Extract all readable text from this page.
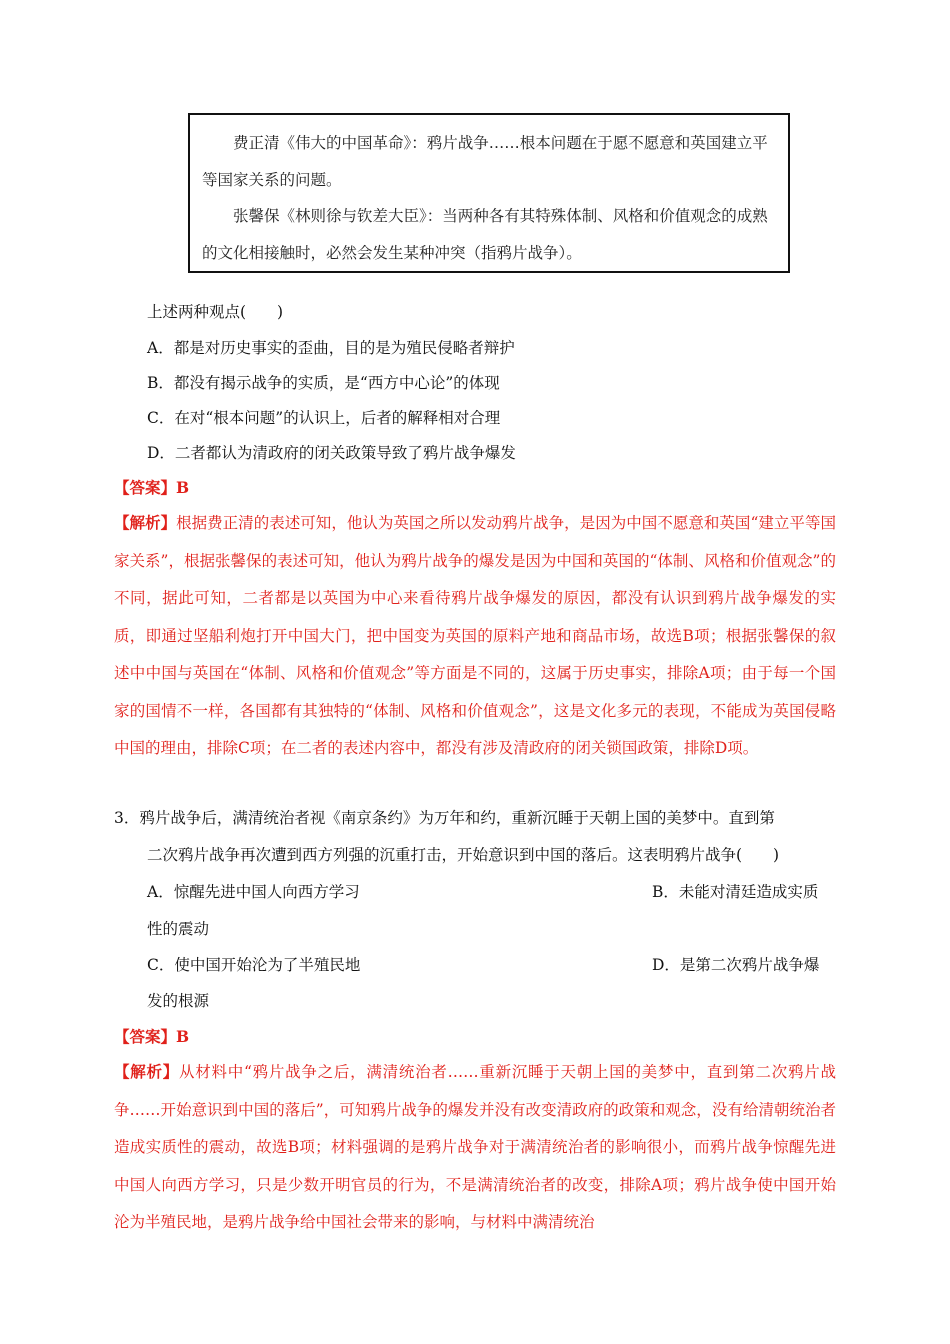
费正清《伟大的中国革命》：鸦片战争……根本问题在于愿不愿意和英国建立平等国家关系的问题。

张馨保《林则徐与钦差大臣》：当两种各有其特殊体制、风格和价值观念的成熟的文化相接触时，必然会发生某种冲突（指鸦片战争）。

上述两种观点(　　)
A．都是对历史事实的歪曲，目的是为殖民侵略者辩护
B．都没有揭示战争的实质，是“西方中心论”的体现
C．在对“根本问题”的认识上，后者的解释相对合理
D．二者都认为清政府的闭关政策导致了鸦片战争爆发
【答案】B
【解析】根据费正清的表述可知，他认为英国之所以发动鸦片战争，是因为中国不愿意和英国“建立平等国家关系”，根据张馨保的表述可知，他认为鸦片战争的爆发是因为中国和英国的“体制、风格和价值观念”的不同，据此可知，二者都是以英国为中心来看待鸦片战争爆发的原因，都没有认识到鸦片战争爆发的实质，即通过坚船利炮打开中国大门，把中国变为英国的原料产地和商品市场，故选B项；根据张馨保的叙述中中国与英国在“体制、风格和价值观念”等方面是不同的，这属于历史事实，排除A项；由于每一个国家的国情不一样，各国都有其独特的“体制、风格和价值观念”，这是文化多元的表现，不能成为英国侵略中国的理由，排除C项；在二者的表述内容中，都没有涉及清政府的闭关锁国政策，排除D项。
3．鸦片战争后，满清统治者视《南京条约》为万年和约，重新沉睡于天朝上国的美梦中。直到第
二次鸦片战争再次遭到西方列强的沉重打击，开始意识到中国的落后。这表明鸦片战争(　　)
A．惊醒先进中国人向西方学习	B．未能对清廷造成实质
性的震动
C．使中国开始沦为了半殖民地	D．是第二次鸦片战争爆
发的根源
【答案】B
【解析】从材料中“鸦片战争之后，满清统治者……重新沉睡于天朝上国的美梦中，直到第二次鸦片战争……开始意识到中国的落后”，可知鸦片战争的爆发并没有改变清政府的政策和观念，没有给清朝统治者造成实质性的震动，故选B项；材料强调的是鸦片战争对于满清统治者的影响很小，而鸦片战争惊醒先进中国人向西方学习，只是少数开明官员的行为，不是满清统治者的改变，排除A项；鸦片战争使中国开始沦为半殖民地，是鸦片战争给中国社会带来的影响，与材料中满清统治
